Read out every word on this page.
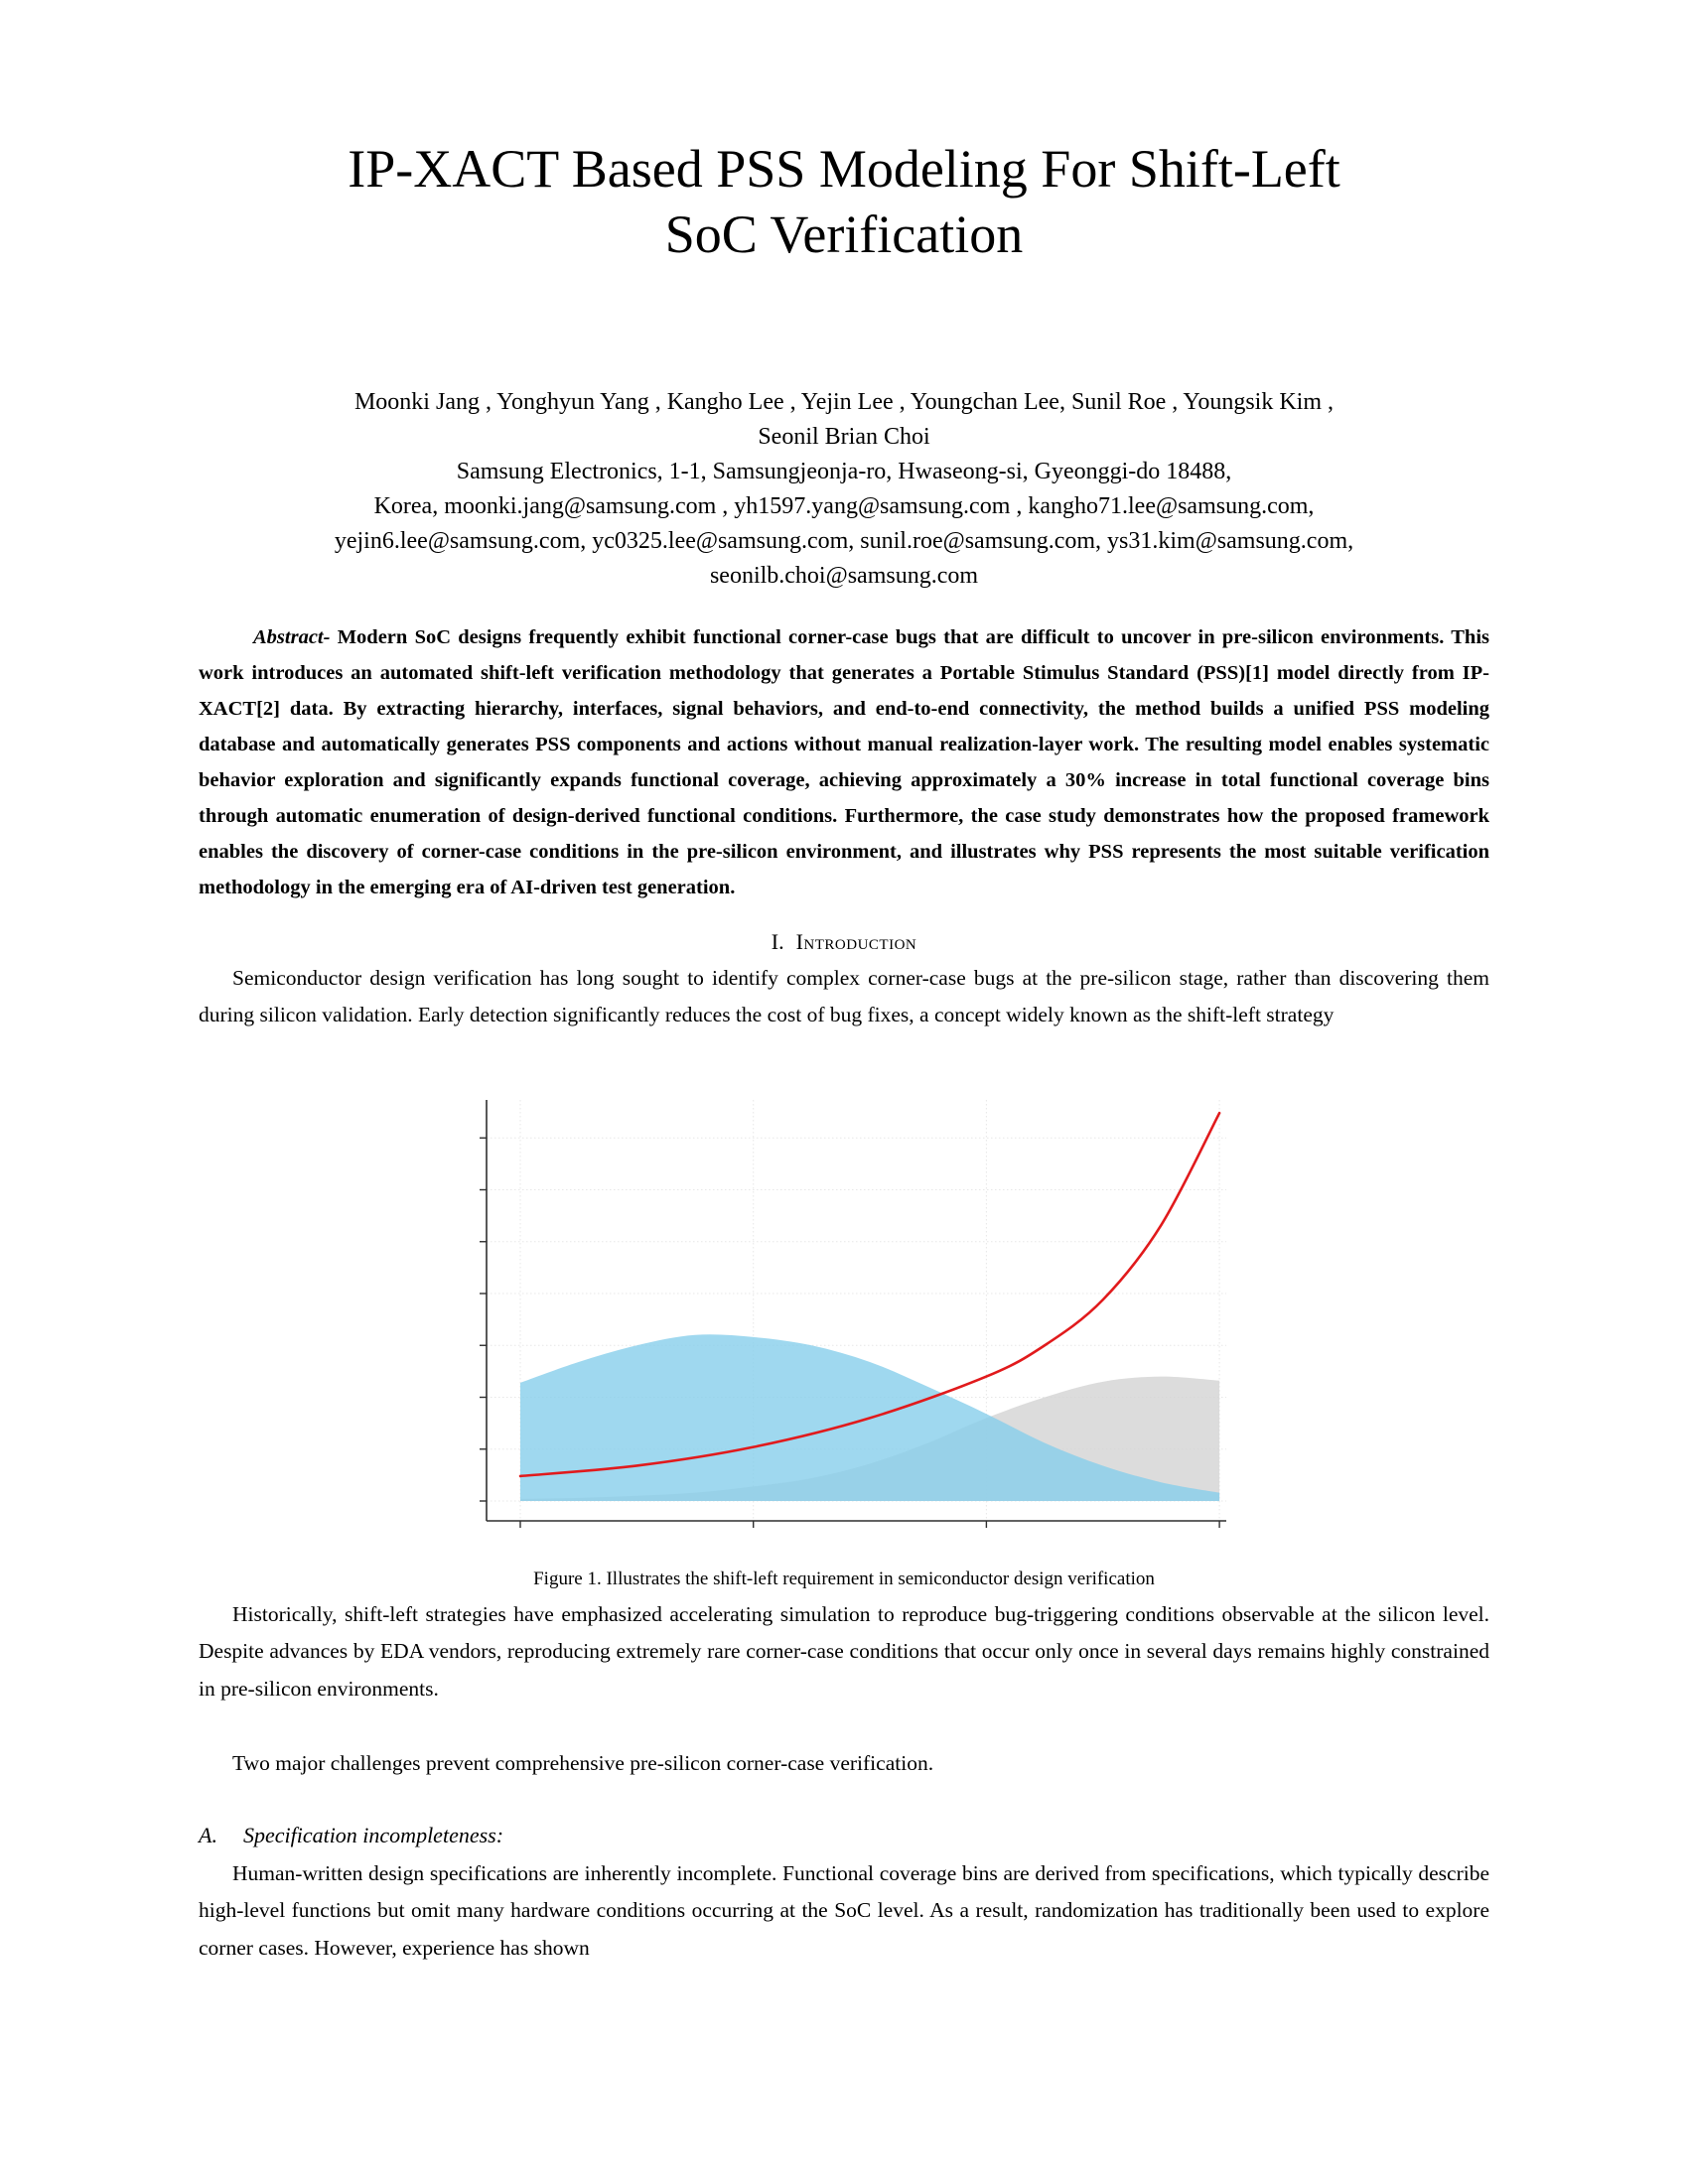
IP-XACT Based PSS Modeling For Shift-Left
SoC Verification
Moonki Jang , Yonghyun Yang , Kangho Lee , Yejin Lee , Youngchan Lee, Sunil Roe , Youngsik Kim ,
Seonil Brian Choi
Samsung Electronics, 1-1, Samsungjeonja-ro, Hwaseong-si, Gyeonggi-do 18488,
Korea, moonki.jang@samsung.com , yh1597.yang@samsung.com , kangho71.lee@samsung.com,
yejin6.lee@samsung.com, yc0325.lee@samsung.com, sunil.roe@samsung.com, ys31.kim@samsung.com,
seonilb.choi@samsung.com

Abstract- Modern SoC designs frequently exhibit functional corner-case bugs that are difficult to uncover in pre-silicon environments. This work introduces an automated shift-left verification methodology that generates a Portable Stimulus Standard (PSS)[1] model directly from IP-XACT[2] data. By extracting hierarchy, interfaces, signal behaviors, and end-to-end connectivity, the method builds a unified PSS modeling database and automatically generates PSS components and actions without manual realization-layer work. The resulting model enables systematic behavior exploration and significantly expands functional coverage, achieving approximately a 30% increase in total functional coverage bins through automatic enumeration of design-derived functional conditions. Furthermore, the case study demonstrates how the proposed framework enables the discovery of corner-case conditions in the pre-silicon environment, and illustrates why PSS represents the most suitable verification methodology in the emerging era of AI-driven test generation.

I. Introduction

Semiconductor design verification has long sought to identify complex corner-case bugs at the pre-silicon stage, rather than discovering them during silicon validation. Early detection significantly reduces the cost of bug fixes, a concept widely known as the shift-left strategy

Figure 1. Illustrates the shift-left requirement in semiconductor design verification

Historically, shift-left strategies have emphasized accelerating simulation to reproduce bug-triggering conditions observable at the silicon level. Despite advances by EDA vendors, reproducing extremely rare corner-case conditions that occur only once in several days remains highly constrained in pre-silicon environments.

Two major challenges prevent comprehensive pre-silicon corner-case verification.

A. Specification incompleteness:

Human-written design specifications are inherently incomplete. Functional coverage bins are derived from specifications, which typically describe high-level functions but omit many hardware conditions occurring at the SoC level. As a result, randomization has traditionally been used to explore corner cases. However, experience has shown
